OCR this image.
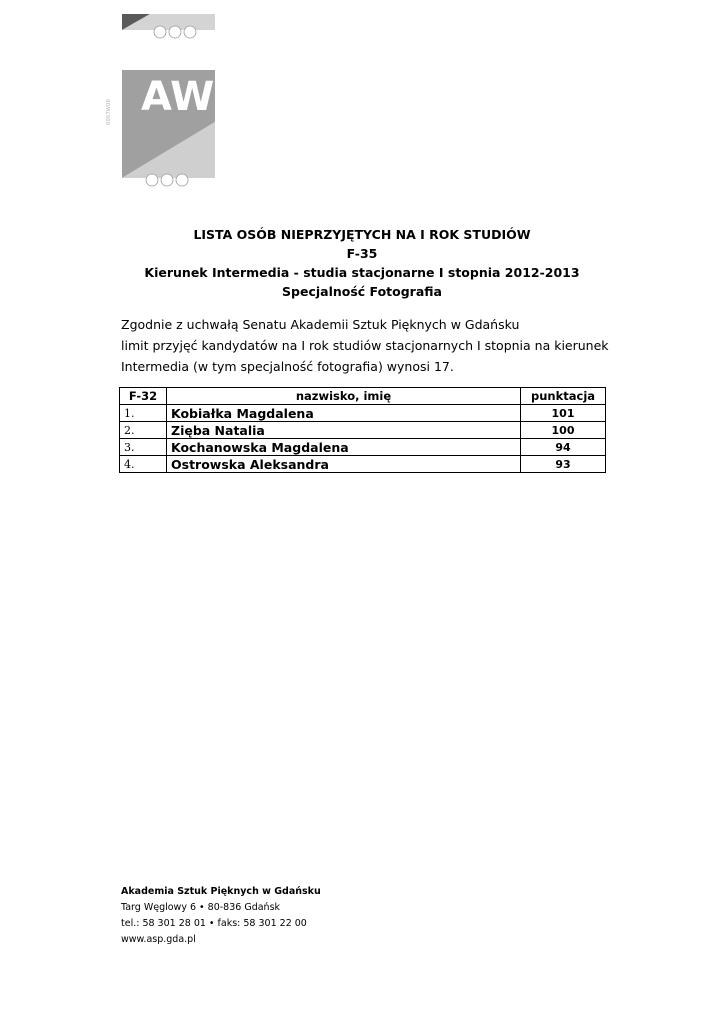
AW
0067W00
LISTA OSÓB NIEPRZYJĘTYCH NA I ROK STUDIÓW
F-35
Kierunek Intermedia - studia stacjonarne I stopnia 2012-2013
Specjalność Fotografia
Zgodnie z uchwałą Senatu Akademii Sztuk Pięknych w Gdańsku
limit przyjęć kandydatów na I rok studiów stacjonarnych I stopnia na kierunek
Intermedia (w tym specjalność fotografia) wynosi 17.
F-32	nazwisko, imię	punktacja
1.	Kobiałka Magdalena	101
2.	Zięba Natalia	100
3.	Kochanowska Magdalena	94
4.	Ostrowska Aleksandra	93
Akademia Sztuk Pięknych w Gdańsku
Targ Węglowy 6 • 80-836 Gdańsk
tel.: 58 301 28 01 • faks: 58 301 22 00
www.asp.gda.pl
